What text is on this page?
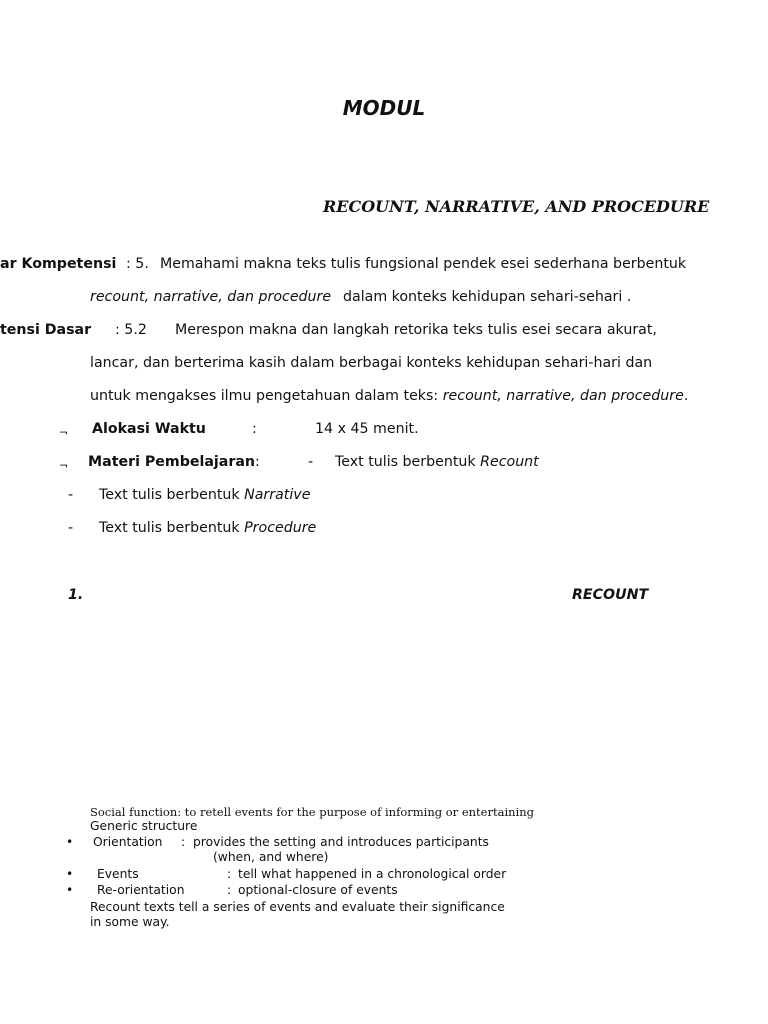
MODUL
RECOUNT, NARRATIVE, AND PROCEDURE
ar Kompetensi : 5. Memahami makna teks tulis fungsional pendek esei sederhana berbentuk
recount, narrative, dan procedure dalam konteks kehidupan sehari-sehari .
tensi Dasar : 5.2 Merespon makna dan langkah retorika teks tulis esei secara akurat,
lancar, dan berterima kasih dalam berbagai konteks kehidupan sehari-hari dan
untuk mengakses ilmu pengetahuan dalam teks: recount, narrative, dan procedure.
¬ Alokasi Waktu	:	14 x 45 menit.
¬ Materi Pembelajaran:	- Text tulis berbentuk Recount
- Text tulis berbentuk Narrative
- Text tulis berbentuk Procedure
1.	RECOUNT
Social function: to retell events for the purpose of informing or entertaining
Generic structure
• Orientation : provides the setting and introduces participants
(when, and where)
• Events	: tell what happened in a chronological order
• Re-orientation	: optional-closure of events
Recount texts tell a series of events and evaluate their significance
in some way.
